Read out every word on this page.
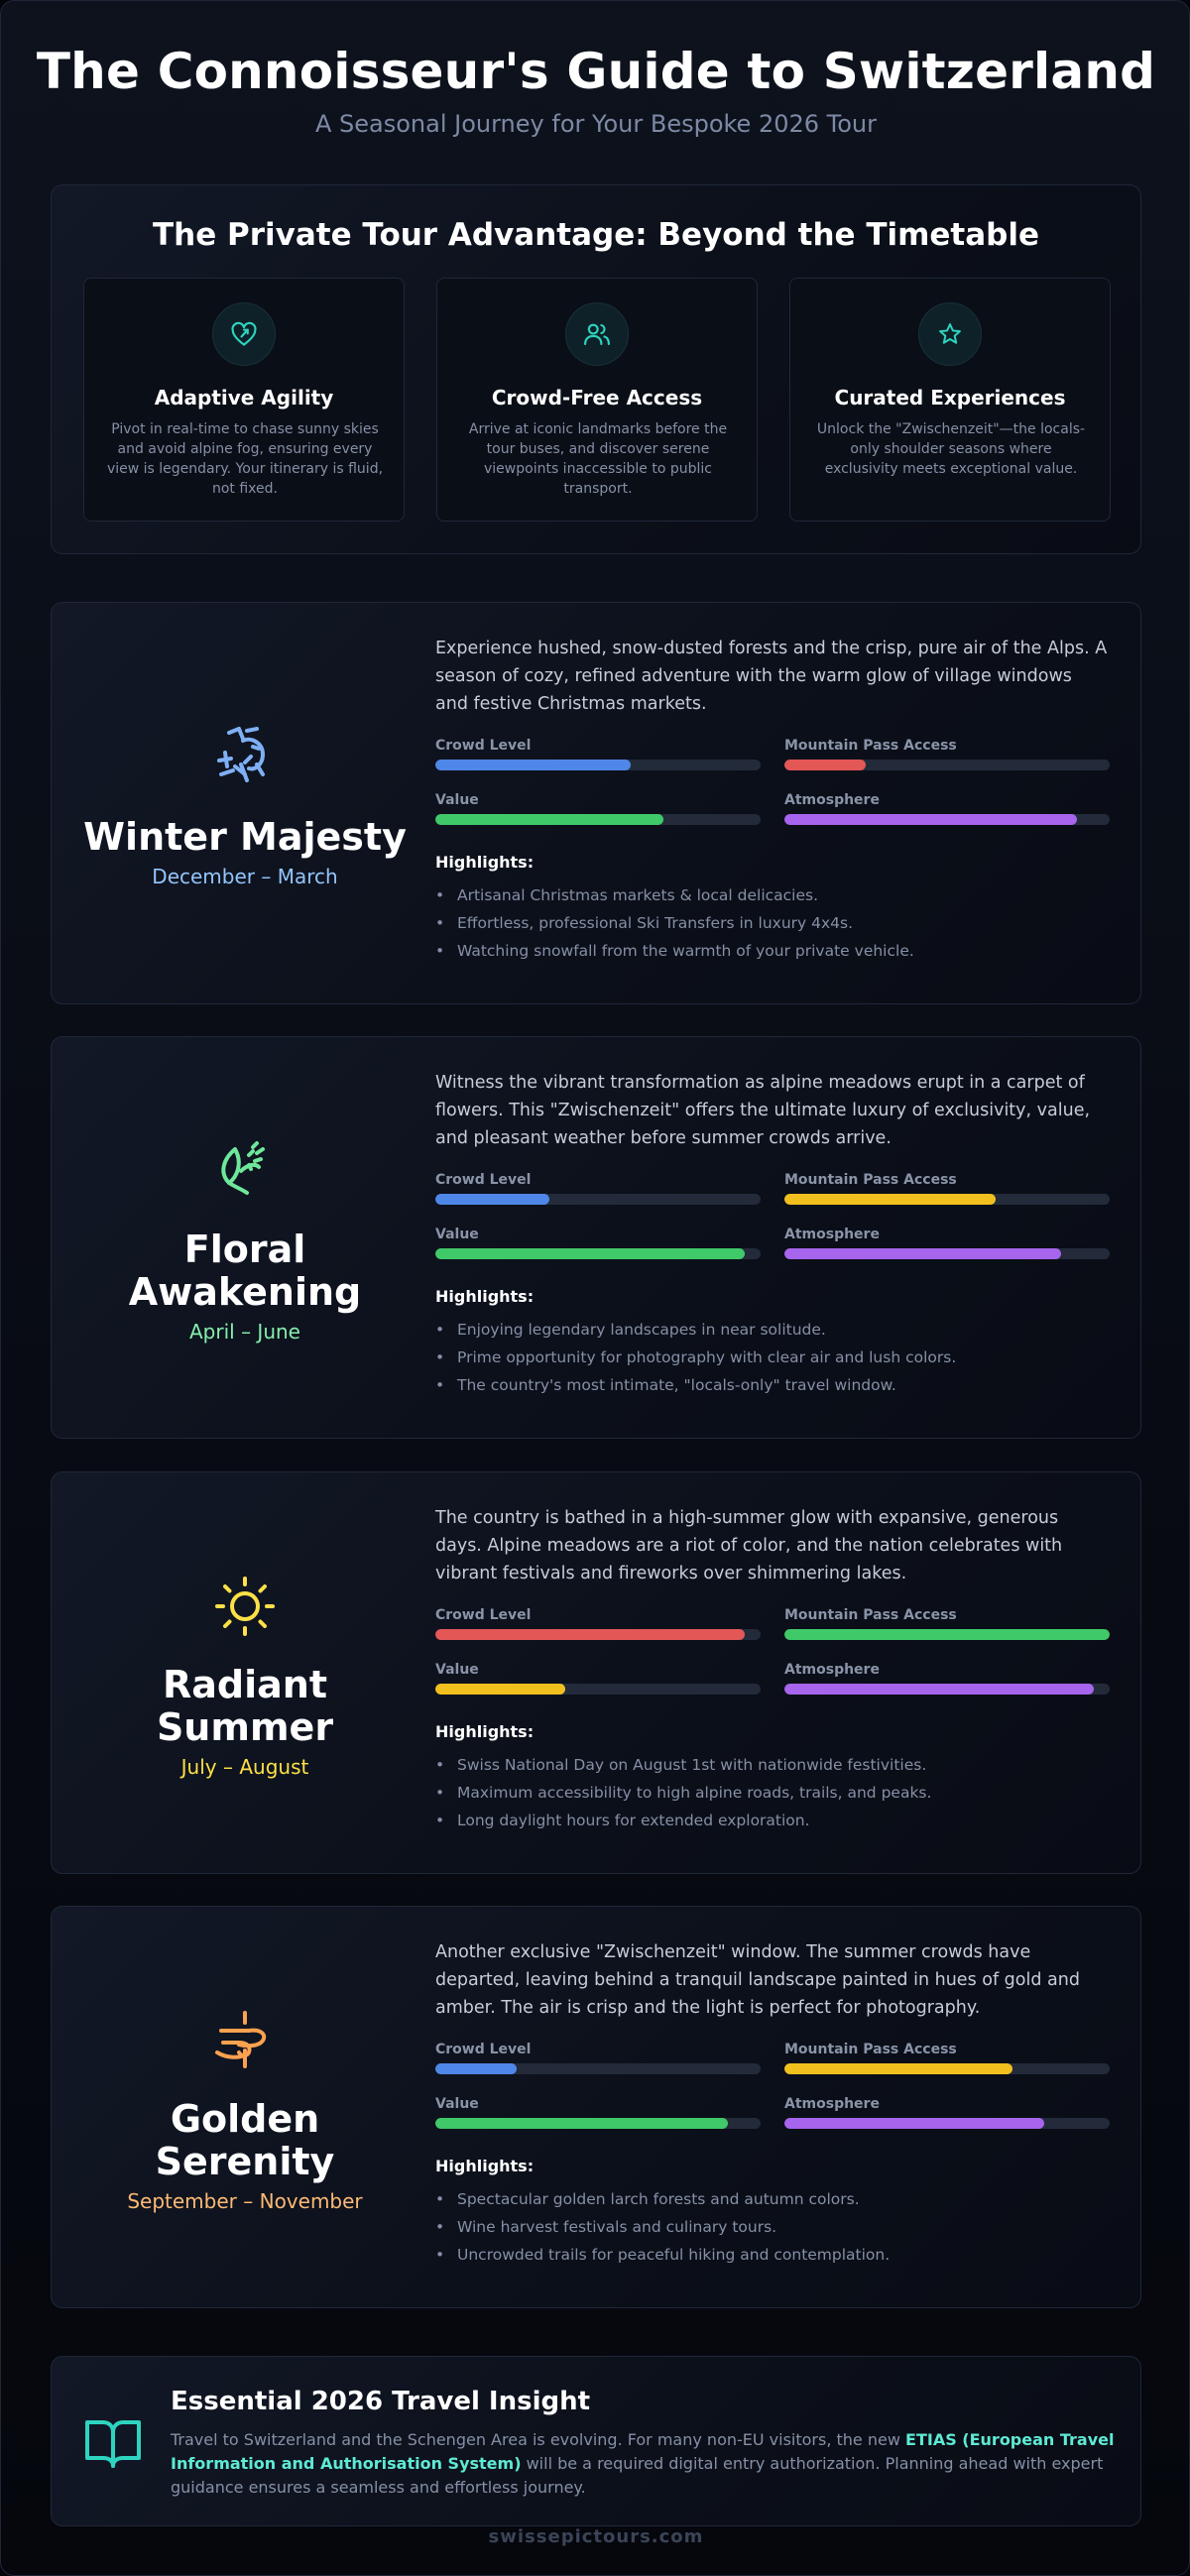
The Connoisseur's Guide to Switzerland
A Seasonal Journey for Your Bespoke 2026 Tour
The Private Tour Advantage: Beyond the Timetable
Adaptive Agility
Pivot in real-time to chase sunny skies and avoid alpine fog, ensuring every view is legendary. Your itinerary is fluid, not fixed.
Crowd-Free Access
Arrive at iconic landmarks before the tour buses, and discover serene viewpoints inaccessible to public transport.
Curated Experiences
Unlock the "Zwischenzeit"—the locals-only shoulder seasons where exclusivity meets exceptional value.
Winter Majesty
December – March
Experience hushed, snow-dusted forests and the crisp, pure air of the Alps. A season of cozy, refined adventure with the warm glow of village windows and festive Christmas markets.
Crowd Level	Mountain Pass Access
Value	Atmosphere
Highlights:
• Artisanal Christmas markets & local delicacies.
• Effortless, professional Ski Transfers in luxury 4x4s.
• Watching snowfall from the warmth of your private vehicle.
Floral Awakening
April – June
Witness the vibrant transformation as alpine meadows erupt in a carpet of flowers. This "Zwischenzeit" offers the ultimate luxury of exclusivity, value, and pleasant weather before summer crowds arrive.
Crowd Level	Mountain Pass Access
Value	Atmosphere
Highlights:
• Enjoying legendary landscapes in near solitude.
• Prime opportunity for photography with clear air and lush colors.
• The country's most intimate, "locals-only" travel window.
Radiant Summer
July – August
The country is bathed in a high-summer glow with expansive, generous days. Alpine meadows are a riot of color, and the nation celebrates with vibrant festivals and fireworks over shimmering lakes.
Crowd Level	Mountain Pass Access
Value	Atmosphere
Highlights:
• Swiss National Day on August 1st with nationwide festivities.
• Maximum accessibility to high alpine roads, trails, and peaks.
• Long daylight hours for extended exploration.
Golden Serenity
September – November
Another exclusive "Zwischenzeit" window. The summer crowds have departed, leaving behind a tranquil landscape painted in hues of gold and amber. The air is crisp and the light is perfect for photography.
Crowd Level	Mountain Pass Access
Value	Atmosphere
Highlights:
• Spectacular golden larch forests and autumn colors.
• Wine harvest festivals and culinary tours.
• Uncrowded trails for peaceful hiking and contemplation.
Essential 2026 Travel Insight
Travel to Switzerland and the Schengen Area is evolving. For many non-EU visitors, the new ETIAS (European Travel Information and Authorisation System) will be a required digital entry authorization. Planning ahead with expert guidance ensures a seamless and effortless journey.
swissepictours.com
